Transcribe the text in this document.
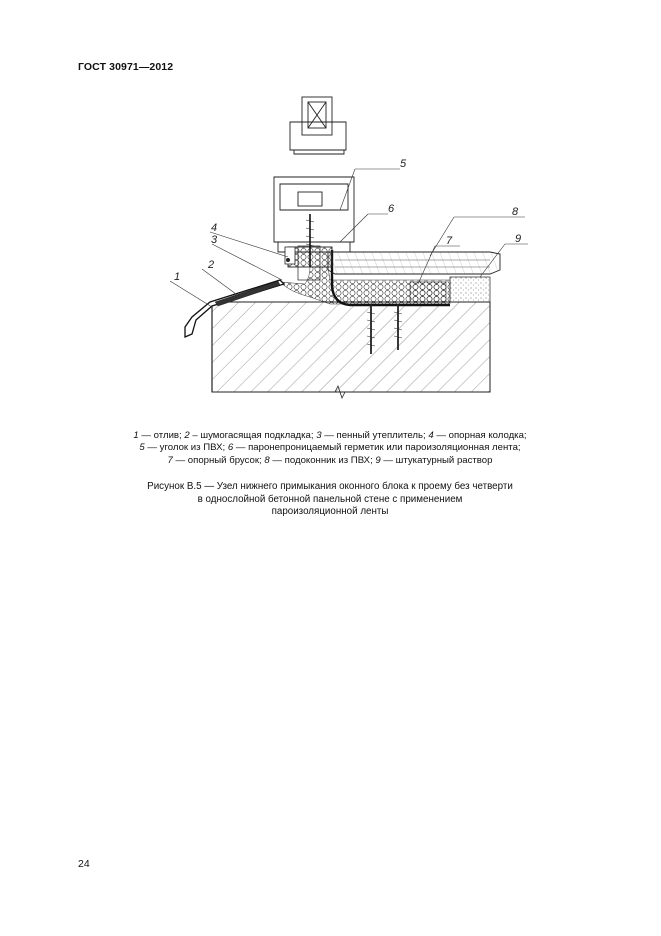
ГОСТ 30971—2012
1
2
3
4
5
6
7
8
9
1 — отлив; 2 – шумогасящая подкладка; 3 — пенный утеплитель; 4 — опорная колодка;
5 — уголок из ПВХ; 6 — паронепроницаемый герметик или пароизоляционная лента;
7 — опорный брусок; 8 — подоконник из ПВХ; 9 — штукатурный раствор
Рисунок В.5 — Узел нижнего примыкания оконного блока к проему без четверти
в однослойной бетонной панельной стене с применением
пароизоляционной ленты
24
